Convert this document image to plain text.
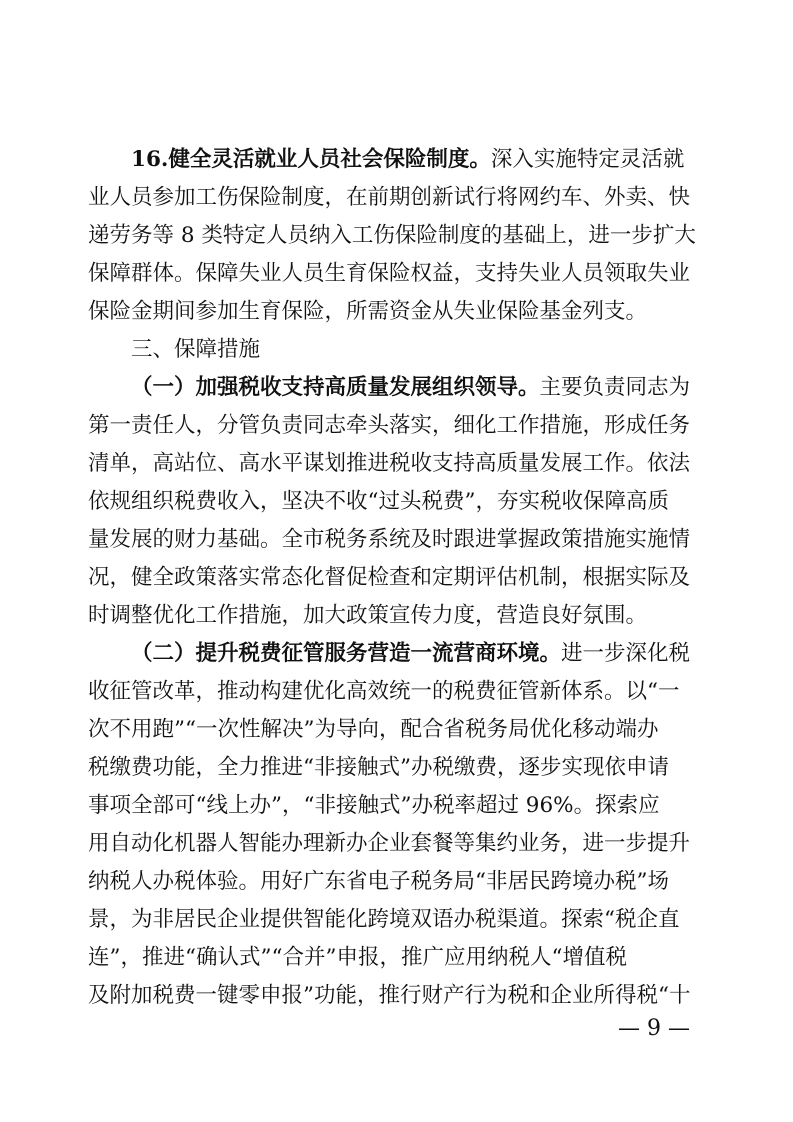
16.健全灵活就业人员社会保险制度。深入实施特定灵活就
业人员参加工伤保险制度，在前期创新试行将网约车、外卖、快
递劳务等 8 类特定人员纳入工伤保险制度的基础上，进一步扩大
保障群体。保障失业人员生育保险权益，支持失业人员领取失业
保险金期间参加生育保险，所需资金从失业保险基金列支。
三、保障措施
（一）加强税收支持高质量发展组织领导。主要负责同志为
第一责任人，分管负责同志牵头落实，细化工作措施，形成任务
清单，高站位、高水平谋划推进税收支持高质量发展工作。依法
依规组织税费收入，坚决不收“过头税费”，夯实税收保障高质
量发展的财力基础。全市税务系统及时跟进掌握政策措施实施情
况，健全政策落实常态化督促检查和定期评估机制，根据实际及
时调整优化工作措施，加大政策宣传力度，营造良好氛围。
（二）提升税费征管服务营造一流营商环境。进一步深化税
收征管改革，推动构建优化高效统一的税费征管新体系。以“一
次不用跑”“一次性解决”为导向，配合省税务局优化移动端办
税缴费功能，全力推进“非接触式”办税缴费，逐步实现依申请
事项全部可“线上办”，“非接触式”办税率超过 96%。探索应
用自动化机器人智能办理新办企业套餐等集约业务，进一步提升
纳税人办税体验。用好广东省电子税务局“非居民跨境办税”场
景，为非居民企业提供智能化跨境双语办税渠道。探索“税企直
连”，推进“确认式”“合并”申报，推广应用纳税人“增值税
及附加税费一键零申报”功能，推行财产行为税和企业所得税“十
— 9 —
